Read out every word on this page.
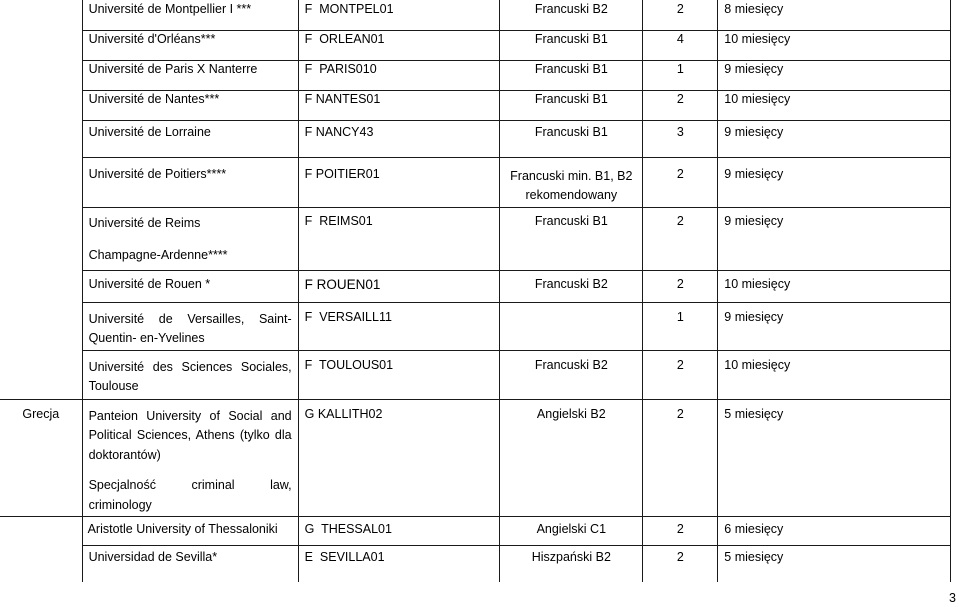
	Université de Montpellier I ***	F  MONTPEL01	Francuski B2	2	8 miesięcy
	Université d'Orléans***	F  ORLEAN01	Francuski B1	4	10 miesięcy
	Université de Paris X Nanterre	F  PARIS010	Francuski B1	1	9 miesięcy
	Université de Nantes***	F NANTES01	Francuski B1	2	10 miesięcy
	Université de Lorraine	F NANCY43	Francuski B1	3	9 miesięcy
	Université de Poitiers****	F POITIER01	Francuski min. B1, B2
rekomendowany	2	9 miesięcy

	Université de Reims
Champagne-Ardenne****	F  REIMS01	Francuski B1	2	9 miesięcy
	Université de Rouen *	F ROUEN01	Francuski B2	2	10 miesięcy

	Université de Versailles, Saint-
Quentin- en-Yvelines	F  VERSAILL11		1	9 miesięcy

	Université des Sciences Sociales,
Toulouse	F  TOULOUS01	Francuski B2	2	10 miesięcy
Grecja	Panteion University of Social and
Political Sciences, Athens (tylko dla
doktorantów)
Specjalność criminal law,
criminology	G KALLITH02	Angielski B2	2	5 miesięcy
	Aristotle University of Thessaloniki	G  THESSAL01	Angielski C1	2	6 miesięcy
	Universidad de Sevilla*	E  SEVILLA01	Hiszpański B2	2	5 miesięcy
3
